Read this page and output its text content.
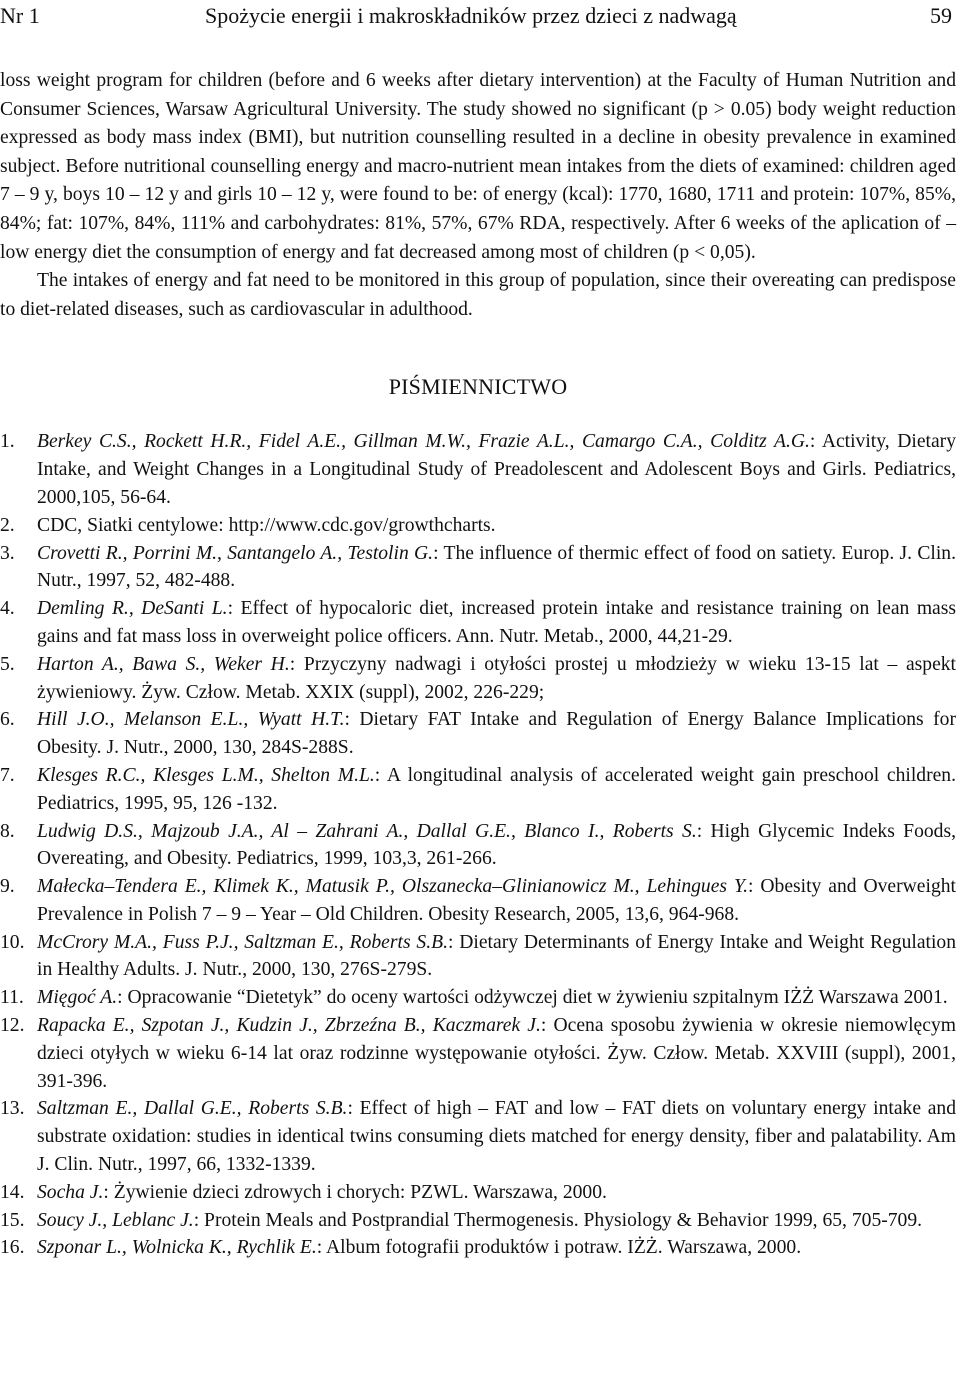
Nr 1	Spożycie energii i makroskładników przez dzieci z nadwagą	59

loss weight program for children (before and 6 weeks after dietary intervention) at the Faculty of Human Nutrition and Consumer Sciences, Warsaw Agricultural University. The study showed no significant (p > 0.05) body weight reduction expressed as body mass index (BMI), but nutrition counselling resulted in a decline in obesity prevalence in examined subject. Before nutritional counselling energy and macro-nutrient mean intakes from the diets of examined: children aged 7 – 9 y, boys 10 – 12 y and girls 10 – 12 y, were found to be: of energy (kcal): 1770, 1680, 1711 and protein: 107%, 85%, 84%; fat: 107%, 84%, 111% and carbohydrates: 81%, 57%, 67% RDA, respectively. After 6 weeks of the aplication of – low energy diet the consumption of energy and fat decreased among most of children (p < 0,05).

The intakes of energy and fat need to be monitored in this group of population, since their overeating can predispose to diet-related diseases, such as cardiovascular in adulthood.

PIŚMIENNICTWO
1. Berkey C.S., Rockett H.R., Fidel A.E., Gillman M.W., Frazie A.L., Camargo C.A., Colditz A.G.: Activity, Dietary Intake, and Weight Changes in a Longitudinal Study of Preadolescent and Adolescent Boys and Girls. Pediatrics, 2000,105, 56-64.
2. CDC, Siatki centylowe: http://www.cdc.gov/growthcharts.
3. Crovetti R., Porrini M., Santangelo A., Testolin G.: The influence of thermic effect of food on satiety. Europ. J. Clin. Nutr., 1997, 52, 482-488.
4. Demling R., DeSanti L.: Effect of hypocaloric diet, increased protein intake and resistance training on lean mass gains and fat mass loss in overweight police officers. Ann. Nutr. Metab., 2000, 44,21-29.
5. Harton A., Bawa S., Weker H.: Przyczyny nadwagi i otyłości prostej u młodzieży w wieku 13-15 lat – aspekt żywieniowy. Żyw. Człow. Metab. XXIX (suppl), 2002, 226-229;
6. Hill J.O., Melanson E.L., Wyatt H.T.: Dietary FAT Intake and Regulation of Energy Balance Implications for Obesity. J. Nutr., 2000, 130, 284S-288S.
7. Klesges R.C., Klesges L.M., Shelton M.L.: A longitudinal analysis of accelerated weight gain preschool children. Pediatrics, 1995, 95, 126 -132.
8. Ludwig D.S., Majzoub J.A., Al – Zahrani A., Dallal G.E., Blanco I., Roberts S.: High Glycemic Indeks Foods, Overeating, and Obesity. Pediatrics, 1999, 103,3, 261-266.
9. Małecka–Tendera E., Klimek K., Matusik P., Olszanecka–Glinianowicz M., Lehingues Y.: Obesity and Overweight Prevalence in Polish 7 – 9 – Year – Old Children. Obesity Research, 2005, 13,6, 964-968.
10. McCrory M.A., Fuss P.J., Saltzman E., Roberts S.B.: Dietary Determinants of Energy Intake and Weight Regulation in Healthy Adults. J. Nutr., 2000, 130, 276S-279S.
11. Mięgoć A.: Opracowanie “Dietetyk” do oceny wartości odżywczej diet w żywieniu szpitalnym IŻŻ Warszawa 2001.
12. Rapacka E., Szpotan J., Kudzin J., Zbrzeźna B., Kaczmarek J.: Ocena sposobu żywienia w okresie niemowlęcym dzieci otyłych w wieku 6-14 lat oraz rodzinne występowanie otyłości. Żyw. Człow. Metab. XXVIII (suppl), 2001, 391-396.
13. Saltzman E., Dallal G.E., Roberts S.B.: Effect of high – FAT and low – FAT diets on voluntary energy intake and substrate oxidation: studies in identical twins consuming diets matched for energy density, fiber and palatability. Am J. Clin. Nutr., 1997, 66, 1332-1339.
14. Socha J.: Żywienie dzieci zdrowych i chorych: PZWL. Warszawa, 2000.
15. Soucy J., Leblanc J.: Protein Meals and Postprandial Thermogenesis. Physiology & Behavior 1999, 65, 705-709.
16. Szponar L., Wolnicka K., Rychlik E.: Album fotografii produktów i potraw. IŻŻ. Warszawa, 2000.
